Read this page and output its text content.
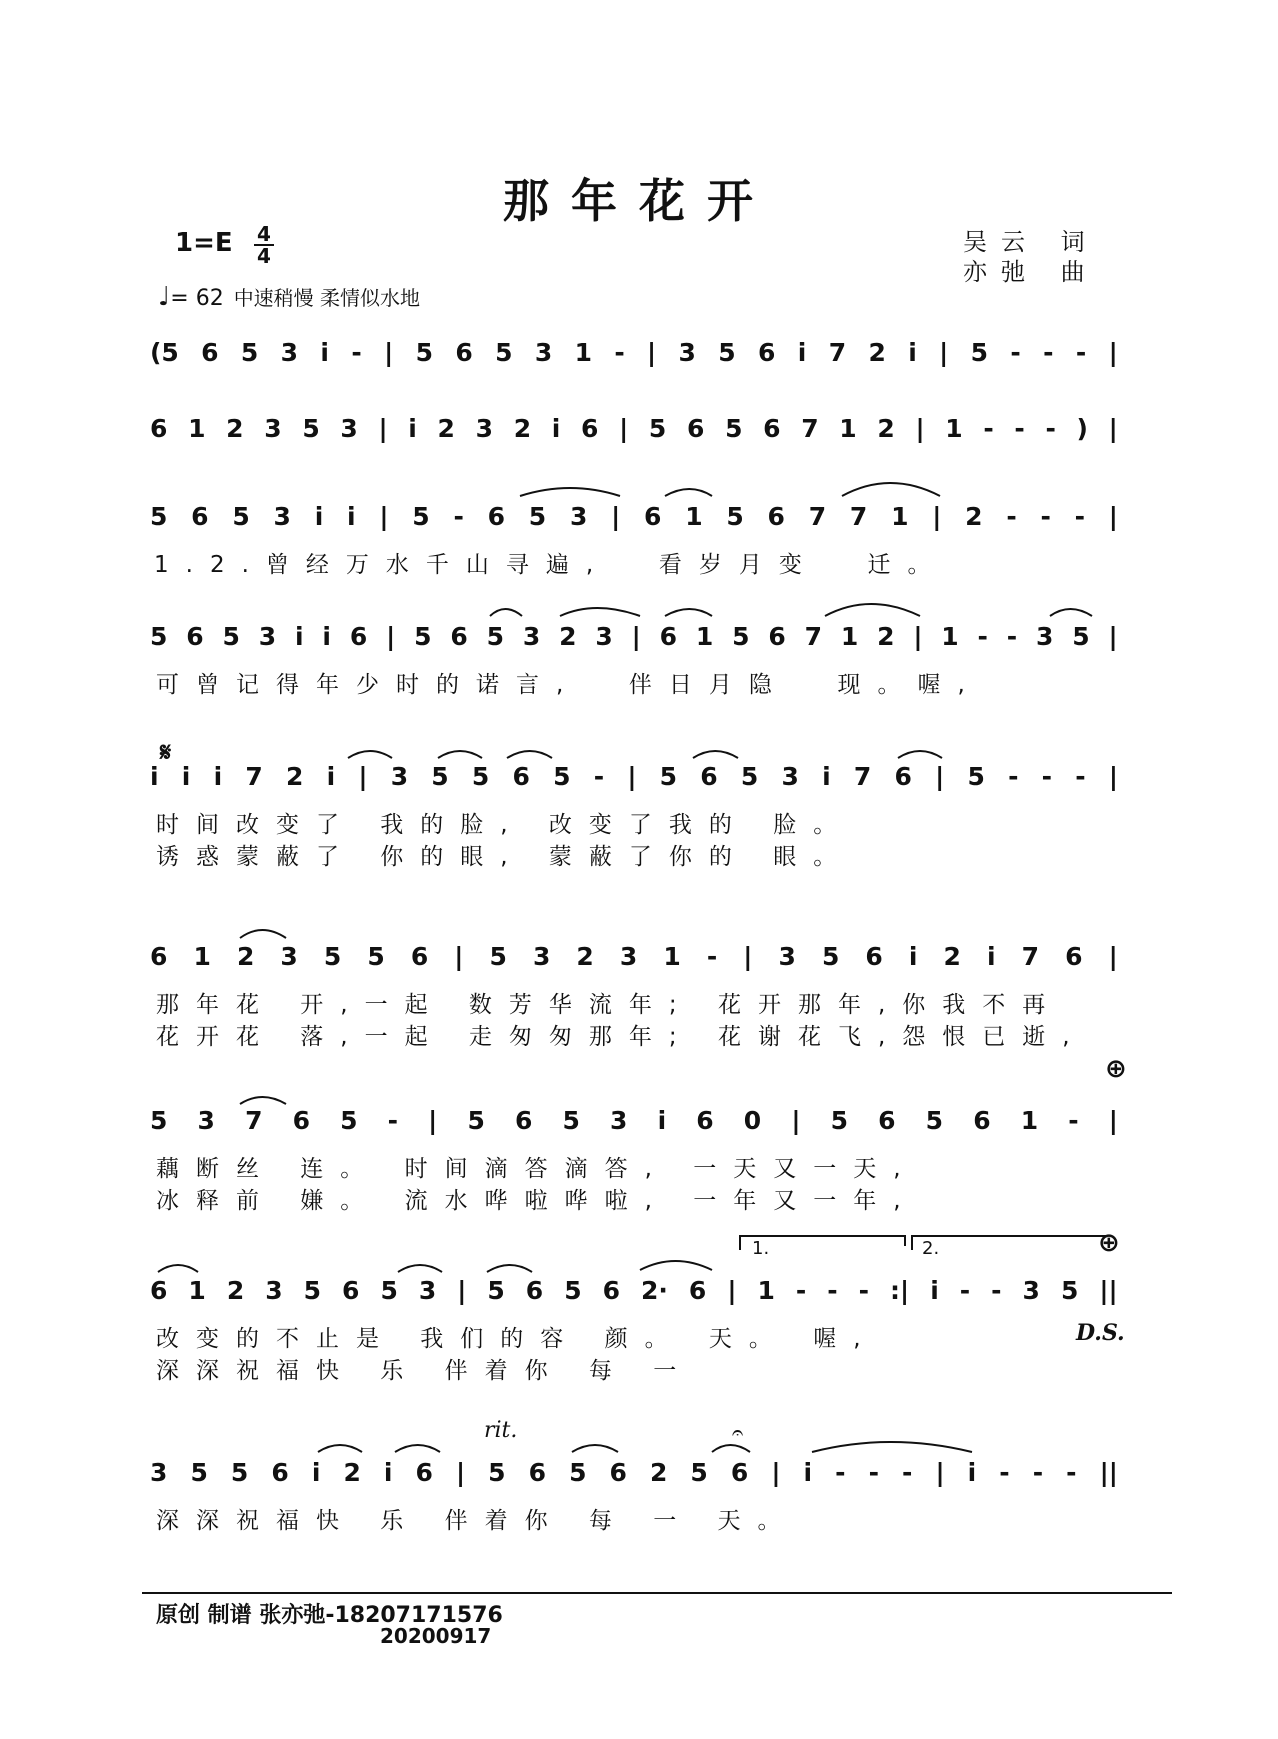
那年花开
1=E 4
4
♩= 62 中速稍慢 柔情似水地
吴云 词
亦弛 曲
(5 6 5 3 i - | 5 6 5 3 1 - | 3 5 6 i 7 2 i | 5 - - - |
6 1 2 3 5 3 | i 2 3 2 i 6 | 5 6 5 6 7 1 2 | 1 - - - ) |
5 6 5 3 i i | 5 - 6 5 3 | 6 1 5 6 7 7 1 | 2 - - - |
1.2.曾经万水千山寻遍,  看岁月变  迁。
5 6 5 3 i i 6 | 5 6 5 3 2 3 | 6 1 5 6 7 1 2 | 1 - - 3 5 |
可曾记得年少时的诺言,  伴日月隐  现。喔,
i i i 7 2 i | 3 5 5 6 5 - | 5 6 5 3 i 7 6 | 5 - - - |
时间改变了 我的脸, 改变了我的 脸。
诱惑蒙蔽了 你的眼, 蒙蔽了你的 眼。
6 1 2 3 5 5 6 | 5 3 2 3 1 - | 3 5 6 i 2 i 7 6 |
那年花 开,一起 数芳华流年; 花开那年,你我不再
花开花 落,一起 走匆匆那年; 花谢花飞,怨恨已逝,
5 3 7 6 5 - | 5 6 5 3 i 6 0 | 5 6 5 6 1 - |
藕断丝 连。 时间滴答滴答, 一天又一天,
冰释前 嫌。 流水哗啦哗啦, 一年又一年,
6 1 2 3 5 6 5 3 | 5 6 5 6 2· 6 | 1 - - - :| i - - 3 5 ||
改变的不止是 我们的容 颜。 天。 喔,
深深祝福快 乐 伴着你 每 一
3 5 5 6 i 2 i 6 | 5 6 5 6 2 5 6 | i - - - | i - - - ||
深深祝福快 乐 伴着你 每 一 天。
1.	2.
D.S.
rit.
𝄋
⊕
⊕
𝄐
原创 制谱 张亦弛-18207171576
20200917
